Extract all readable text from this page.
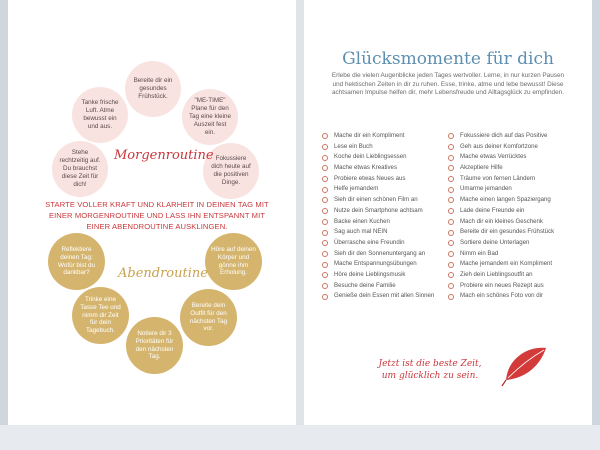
Bereite dir ein gesundes Frühstück.
"ME-TIME" Plane für den Tag eine kleine Auszeit fest ein.
Fokussiere dich heute auf die positiven Dinge.
Stehe rechtzeitig auf. Du brauchst diese Zeit für dich!
Tanke frische Luft. Atme bewusst ein und aus.
Morgenroutine
STARTE VOLLER KRAFT UND KLARHEIT IN DEINEN TAG MIT EINER MORGENROUTINE UND LASS IHN ENTSPANNT MIT EINER ABENDROUTINE AUSKLINGEN.
Reflektiere deinen Tag: Wofür bist du dankbar?
Höre auf deinen Körper und gönne ihm Erholung.
Trinke eine Tasse Tee und nimm dir Zeit für dein Tagebuch.
Bereite dein Outfit für den nächsten Tag vor.
Notiere dir 3 Prioritäten für den nächsten Tag.
Abendroutine
Glücksmomente für dich
Erlebe die vielen Augenblicke jeden Tages wertvoller. Lerne, in nur kurzen Pausen und hektischen Zeiten in dir zu ruhen. Esse, trinke, atme und lebe bewusst! Diese achtsamen Impulse helfen dir, mehr Lebensfreude und Alltagsglück zu empfinden.
Mache dir ein Kompliment
Lese ein Buch
Koche dein Lieblingsessen
Mache etwas Kreatives
Probiere etwas Neues aus
Helfe jemandem
Sieh dir einen schönen Film an
Nutze dein Smartphone achtsam
Backe einen Kuchen
Sag auch mal NEIN
Überrasche eine Freundin
Sieh dir den Sonnenuntergang an
Mache Entspannungsübungen
Höre deine Lieblingsmusik
Besuche deine Familie
Genieße dein Essen mit allen Sinnen
Fokussiere dich auf das Positive
Geh aus deiner Komfortzone
Mache etwas Verrücktes
Akzeptiere Hilfe
Träume von fernen Ländern
Umarme jemanden
Mache einen langen Spaziergang
Lade deine Freunde ein
Mach dir ein kleines Geschenk
Bereite dir ein gesundes Frühstück
Sortiere deine Unterlagen
Nimm ein Bad
Mache jemandem ein Kompliment
Zieh dein Lieblingsoutfit an
Probiere ein neues Rezept aus
Mach ein schönes Foto von dir
Jetzt ist die beste Zeit,
um glücklich zu sein.
